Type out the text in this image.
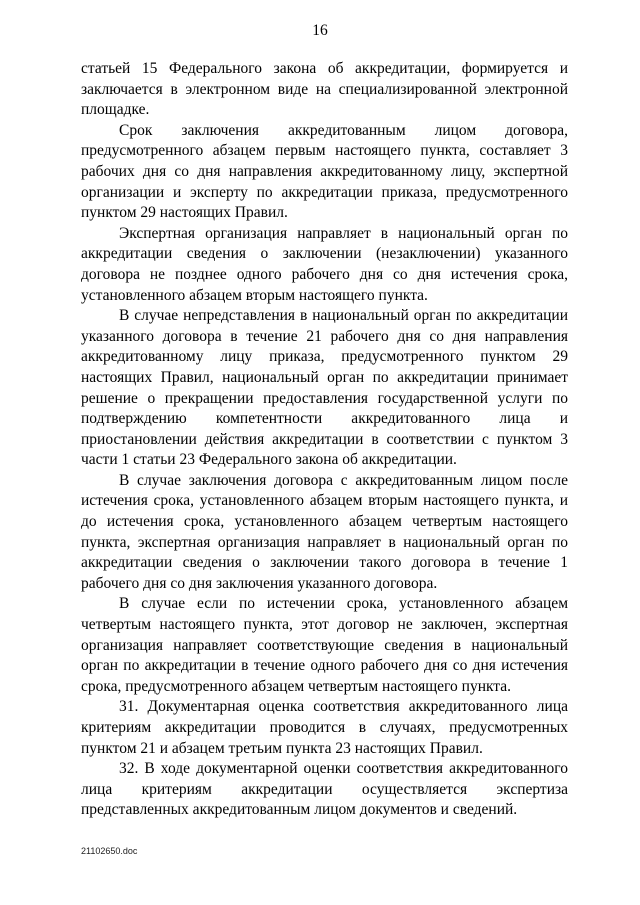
16

статьей 15 Федерального закона об аккредитации, формируется и заключается в электронном виде на специализированной электронной площадке.

Срок заключения аккредитованным лицом договора, предусмотренного абзацем первым настоящего пункта, составляет 3 рабочих дня со дня направления аккредитованному лицу, экспертной организации и эксперту по аккредитации приказа, предусмотренного пунктом 29 настоящих Правил.

Экспертная организация направляет в национальный орган по аккредитации сведения о заключении (незаключении) указанного договора не позднее одного рабочего дня со дня истечения срока, установленного абзацем вторым настоящего пункта.

В случае непредставления в национальный орган по аккредитации указанного договора в течение 21 рабочего дня со дня направления аккредитованному лицу приказа, предусмотренного пунктом 29 настоящих Правил, национальный орган по аккредитации принимает решение о прекращении предоставления государственной услуги по подтверждению компетентности аккредитованного лица и приостановлении действия аккредитации в соответствии с пунктом 3 части 1 статьи 23 Федерального закона об аккредитации.

В случае заключения договора с аккредитованным лицом после истечения срока, установленного абзацем вторым настоящего пункта, и до истечения срока, установленного абзацем четвертым настоящего пункта, экспертная организация направляет в национальный орган по аккредитации сведения о заключении такого договора в течение 1 рабочего дня со дня заключения указанного договора.

В случае если по истечении срока, установленного абзацем четвертым настоящего пункта, этот договор не заключен, экспертная организация направляет соответствующие сведения в национальный орган по аккредитации в течение одного рабочего дня со дня истечения срока, предусмотренного абзацем четвертым настоящего пункта.

31. Документарная оценка соответствия аккредитованного лица критериям аккредитации проводится в случаях, предусмотренных пунктом 21 и абзацем третьим пункта 23 настоящих Правил.

32. В ходе документарной оценки соответствия аккредитованного лица критериям аккредитации осуществляется экспертиза представленных аккредитованным лицом документов и сведений.

21102650.doc
